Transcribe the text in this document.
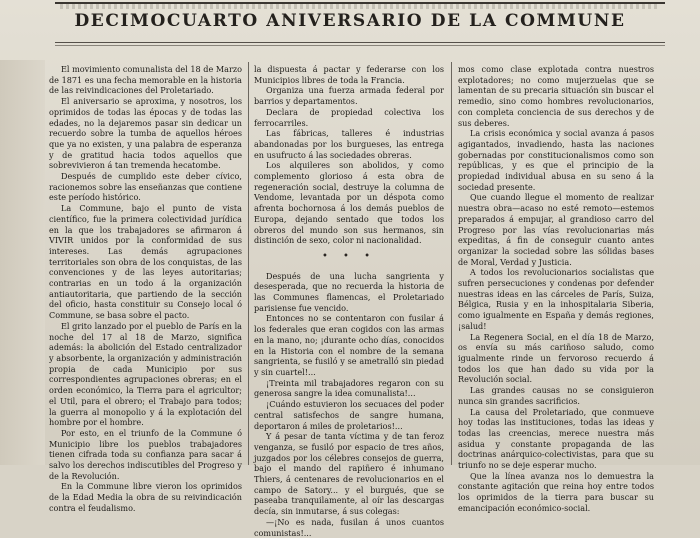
DECIMOCUARTO ANIVERSARIO DE LA COMMUNE

El movimiento comunalista del 18 de Marzo de 1871 es una fecha memorable en la historia de las reivindicaciones del Proletariado.

El aniversario se aproxima, y nosotros, los oprimidos de todas las épocas y de todas las edades, no la dejaremos pasar sin dedicar un recuerdo sobre la tumba de aquellos héroes que ya no existen, y una palabra de esperanza y de gratitud hacia todos aquellos que sobrevivieron á tan tremenda hecatombe.

Después de cumplido este deber cívico, racionemos sobre las enseñanzas que contiene este período histórico.

La Commune, bajo el punto de vista científico, fue la primera colectividad jurídica en la que los trabajadores se afirmaron á VIVIR unidos por la conformidad de sus intereses. Las demás agrupaciones territoriales son obra de los conquistas, de las convenciones y de las leyes autoritarias; contrarias en un todo á la organización antiautoritaria, que partiendo de la sección del oficio, hasta constituir su Consejo local ó Commune, se basa sobre el pacto.

El grito lanzado por el pueblo de París en la noche del 17 al 18 de Marzo, significa además: la abolición del Estado centralizador y absorbente, la organización y administración propia de cada Municipio por sus correspondientes agrupaciones obreras; en el orden económico, la Tierra para el agricultor; el Util, para el obrero; el Trabajo para todos; la guerra al monopolio y á la explotación del hombre por el hombre.

Por esto, en el triunfo de la Commune ó Municipio libre los pueblos trabajadores tienen cifrada toda su confianza para sacar á salvo los derechos indiscutibles del Progreso y de la Revolución.

En la Commune libre vieron los oprimidos de la Edad Media la obra de su reivindicación contra el feudalismo.

la dispuesta á pactar y federarse con los Municipios libres de toda la Francia.

Organiza una fuerza armada federal por barrios y departamentos.

Declara de propiedad colectiva los ferrocarriles.

Las fábricas, talleres é industrias abandonadas por los burgueses, las entrega en usufructo á las sociedades obreras.

Los alquileres son abolidos, y como complemento glorioso á esta obra de regeneración social, destruye la columna de Vendome, levantada por un déspota como afrenta bochornosa á los demás pueblos de Europa, dejando sentado que todos los obreros del mundo son sus hermanos, sin distinción de sexo, color ni nacionalidad.

• • •

Después de una lucha sangrienta y desesperada, que no recuerda la historia de las Communes flamencas, el Proletariado parisiense fue vencido.

Entonces no se contentaron con fusilar á los federales que eran cogidos con las armas en la mano, no; ¡durante ocho días, conocidos en la Historia con el nombre de la semana sangrienta, se fusiló y se ametralló sin piedad y sin cuartel!...

¡Treinta mil trabajadores regaron con su generosa sangre la idea comunalista!...

¡Cuándo estuvieron los secuaces del poder central satisfechos de sangre humana, deportaron á miles de proletarios!...

Y á pesar de tanta víctima y de tan feroz venganza, se fusiló por espacio de tres años, juzgados por los célebres consejos de guerra, bajo el mando del rapiñero é inhumano Thiers, á centenares de revolucionarios en el campo de Satory... y el burgués, que se paseaba tranquilamente, al oír las descargas decía, sin inmutarse, á sus colegas:

—¡No es nada, fusilan á unos cuantos comunistas!...

mos como clase explotada contra nuestros explotadores; no como mujerzuelas que se lamentan de su precaria situación sin buscar el remedio, sino como hombres revolucionarios, con completa conciencia de sus derechos y de sus deberes.

La crisis económica y social avanza á pasos agigantados, invadiendo, hasta las naciones gobernadas por constitucionalismos como son repúblicas, y es que el principio de la propiedad individual abusa en su seno á la sociedad presente.

Que cuando llegue el momento de realizar nuestra obra—acaso no esté remoto—estemos preparados á empujar, al grandioso carro del Progreso por las vías revolucionarias más expeditas, á fin de conseguir cuanto antes organizar la sociedad sobre las sólidas bases de Moral, Verdad y Justicia.

A todos los revolucionarios socialistas que sufren persecuciones y condenas por defender nuestras ideas en las cárceles de París, Suiza, Bélgica, Rusia y en la inhospitalaria Siberia, como igualmente en España y demás regiones, ¡salud!

La Regenera Social, en el día 18 de Marzo, os envía su más cariñoso saludo, como igualmente rinde un fervoroso recuerdo á todos los que han dado su vida por la Revolución social.

Las grandes causas no se consiguieron nunca sin grandes sacrificios.

La causa del Proletariado, que conmueve hoy todas las instituciones, todas las ideas y todas las creencias, merece nuestra más asidua y constante propaganda de las doctrinas anárquico-colectivistas, para que su triunfo no se deje esperar mucho.

Que la línea avanza nos lo demuestra la constante agitación que reina hoy entre todos los oprimidos de la tierra para buscar su emancipación económico-social.
